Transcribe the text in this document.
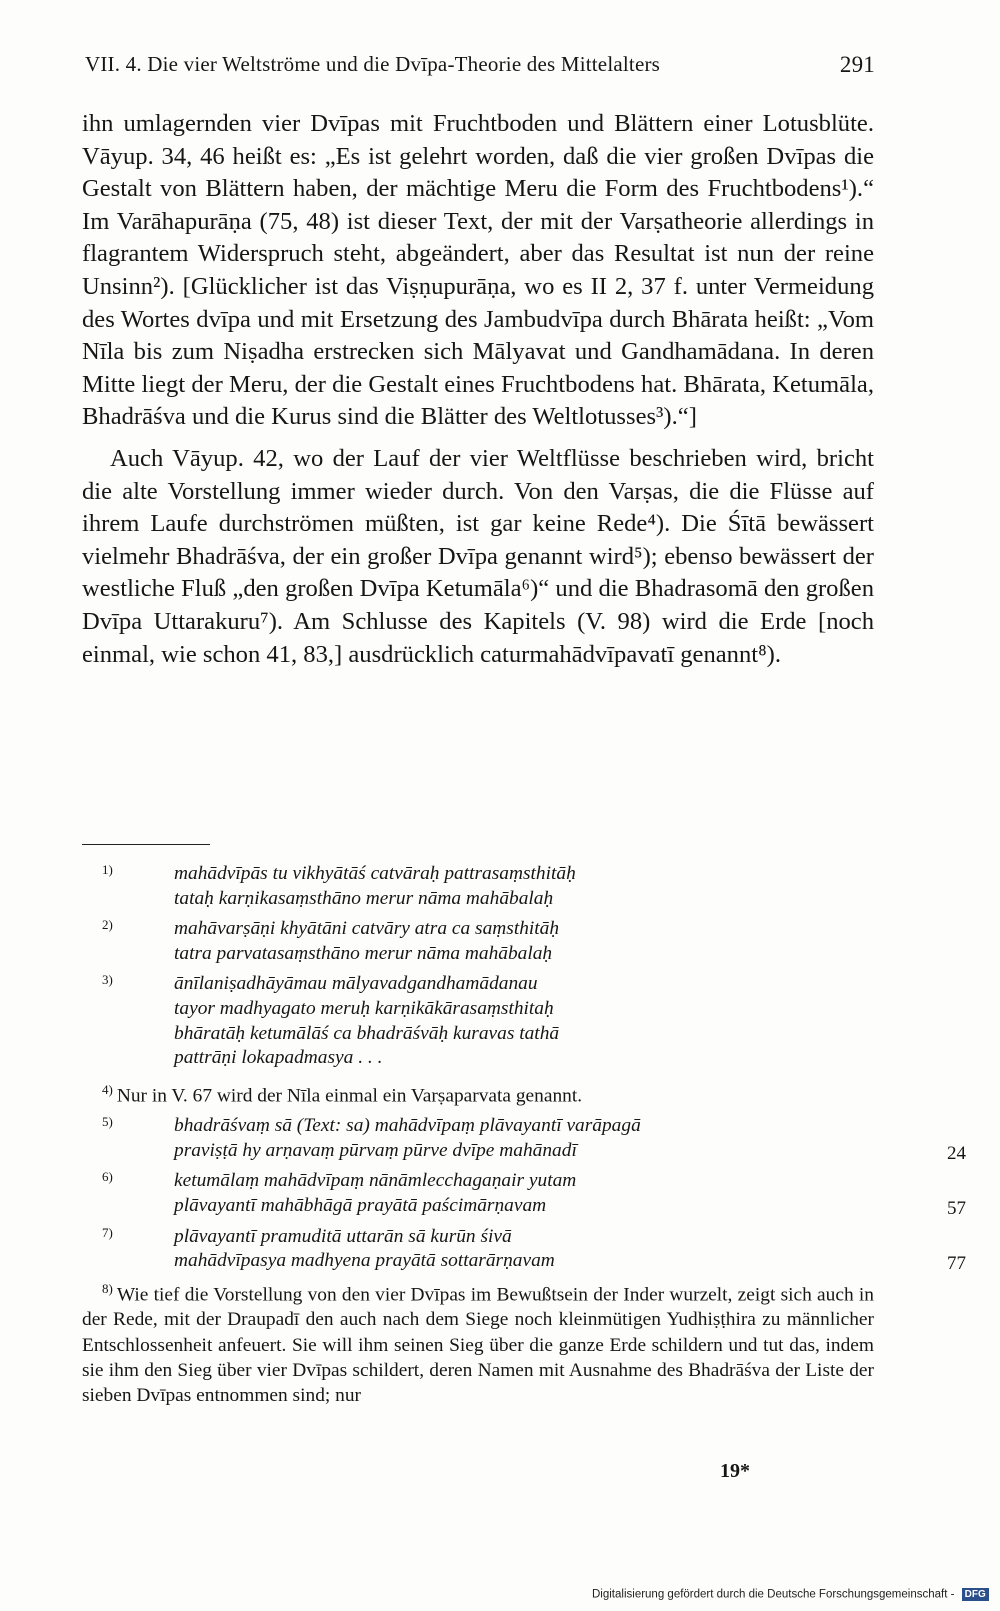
VII. 4. Die vier Weltströme und die Dvīpa-Theorie des Mittelalters	291

ihn umlagernden vier Dvīpas mit Fruchtboden und Blättern einer Lotusblüte. Vāyup. 34, 46 heißt es: „Es ist gelehrt worden, daß die vier großen Dvīpas die Gestalt von Blättern haben, der mächtige Meru die Form des Fruchtbodens¹).“ Im Varāhapurāṇa (75, 48) ist dieser Text, der mit der Varṣatheorie allerdings in flagrantem Widerspruch steht, abgeändert, aber das Resultat ist nun der reine Unsinn²). [Glücklicher ist das Viṣṇupurāṇa, wo es II 2, 37 f. unter Vermeidung des Wortes dvīpa und mit Ersetzung des Jambudvīpa durch Bhārata heißt: „Vom Nīla bis zum Niṣadha erstrecken sich Mālyavat und Gandhamādana. In deren Mitte liegt der Meru, der die Gestalt eines Fruchtbodens hat. Bhārata, Ketumāla, Bhadrāśva und die Kurus sind die Blätter des Weltlotusses³).“]

Auch Vāyup. 42, wo der Lauf der vier Weltflüsse beschrieben wird, bricht die alte Vorstellung immer wieder durch. Von den Varṣas, die die Flüsse auf ihrem Laufe durchströmen müßten, ist gar keine Rede⁴). Die Śītā bewässert vielmehr Bhadrāśva, der ein großer Dvīpa genannt wird⁵); ebenso bewässert der westliche Fluß „den großen Dvīpa Ketumāla⁶)“ und die Bhadrasomā den großen Dvīpa Uttarakuru⁷). Am Schlusse des Kapitels (V. 98) wird die Erde [noch einmal, wie schon 41, 83,] ausdrücklich caturmahādvīpavatī genannt⁸).

1)	mahādvīpās tu vikhyātāś catvāraḥ pattrasaṃsthitāḥ
tataḥ karṇikasaṃsthāno merur nāma mahābalaḥ
2)	mahāvarṣāṇi khyātāni catvāry atra ca saṃsthitāḥ
tatra parvatasaṃsthāno merur nāma mahābalaḥ
3)	ānīlaniṣadhāyāmau mālyavadgandhamādanau
tayor madhyagato meruḥ karṇikākārasaṃsthitaḥ
bhāratāḥ ketumālāś ca bhadrāśvāḥ kuravas tathā
pattrāṇi lokapadmasya . . .
$^{4)}$ Nur in V. 67 wird der Nīla einmal ein Varṣaparvata genannt.
5)	bhadrāśvaṃ sā (Text: sa) mahādvīpaṃ plāvayantī varāpagā
praviṣṭā hy arṇavaṃ pūrvaṃ pūrve dvīpe mahānadī	24
6)	ketumālaṃ mahādvīpaṃ nānāmlecchagaṇair yutam
plāvayantī mahābhāgā prayātā paścimārṇavam	57
7)	plāvayantī pramuditā uttarān sā kurūn śivā
mahādvīpasya madhyena prayātā sottarārṇavam	77
$^{8)}$ Wie tief die Vorstellung von den vier Dvīpas im Bewußtsein der Inder wurzelt, zeigt sich auch in der Rede, mit der Draupadī den auch nach dem Siege noch kleinmütigen Yudhiṣṭhira zu männlicher Entschlossenheit anfeuert. Sie will ihm seinen Sieg über die ganze Erde schildern und tut das, indem sie ihm den Sieg über vier Dvīpas schildert, deren Namen mit Ausnahme des Bhadrāśva der Liste der sieben Dvīpas entnommen sind; nur
19*
Digitalisierung gefördert durch die Deutsche Forschungsgemeinschaft - DFG
